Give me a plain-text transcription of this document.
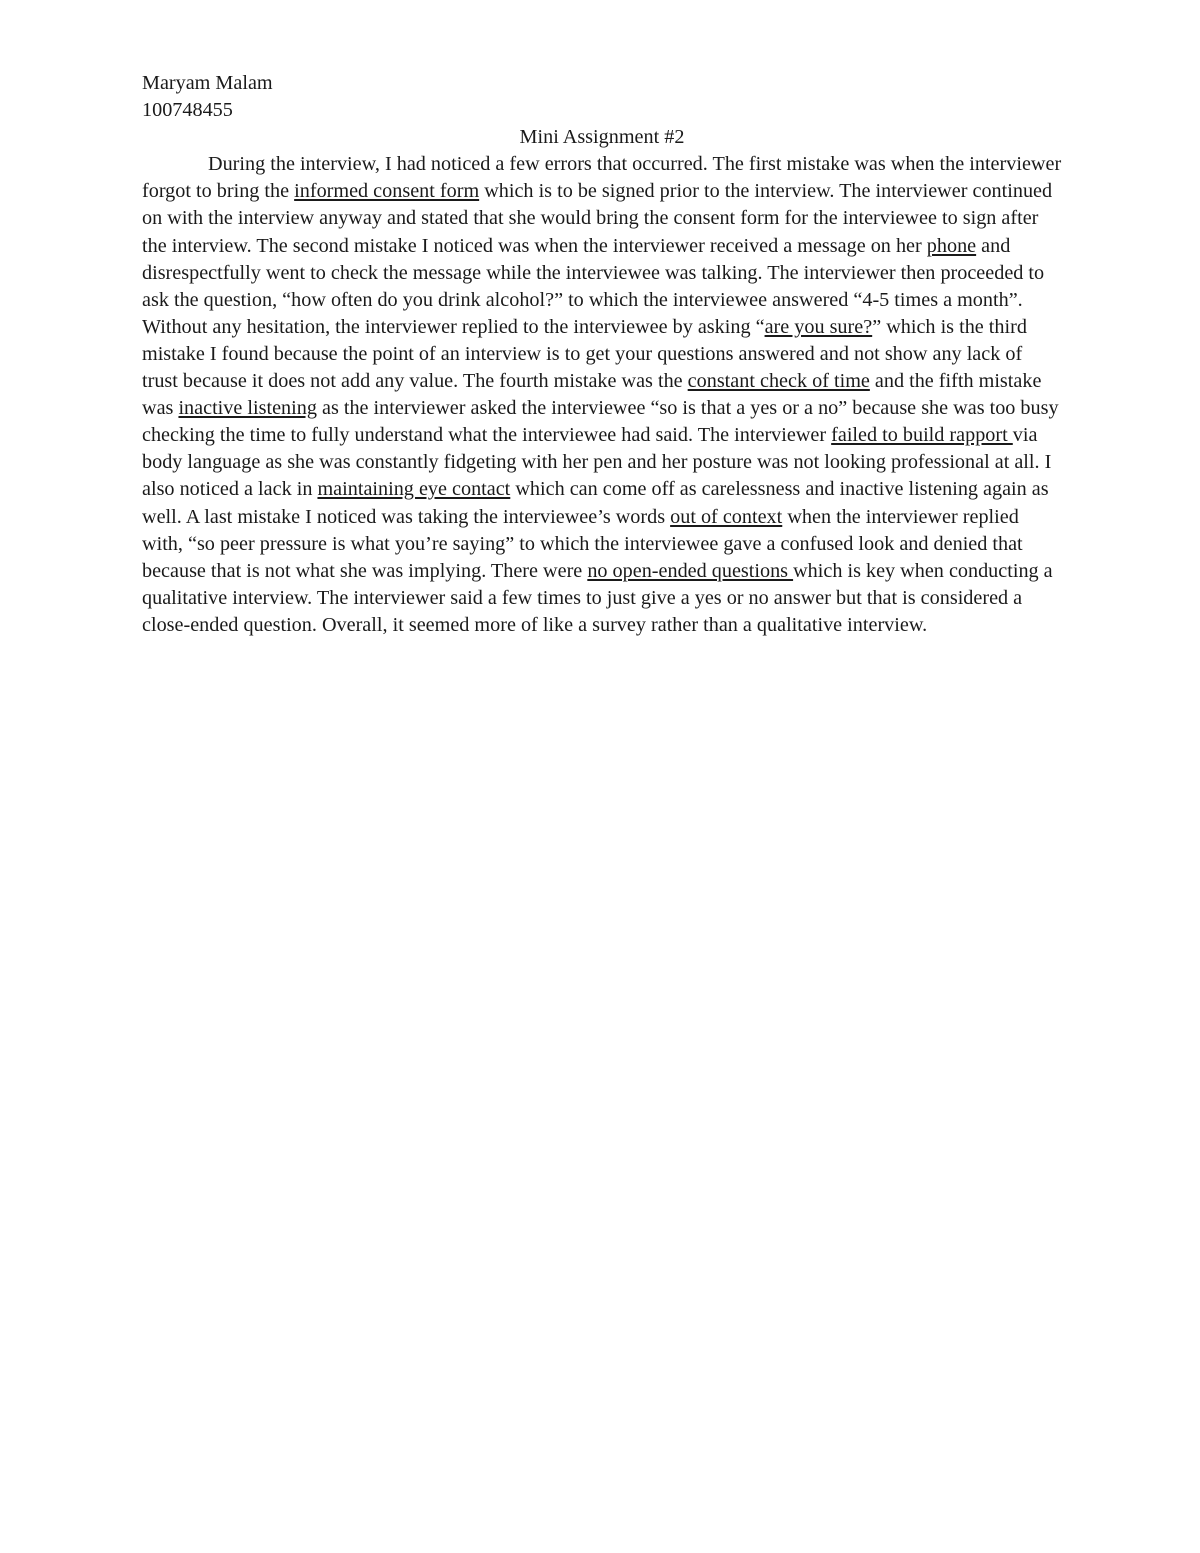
Maryam Malam
100748455
Mini Assignment #2

During the interview, I had noticed a few errors that occurred. The first mistake was when the interviewer forgot to bring the informed consent form which is to be signed prior to the interview. The interviewer continued on with the interview anyway and stated that she would bring the consent form for the interviewee to sign after the interview. The second mistake I noticed was when the interviewer received a message on her phone and disrespectfully went to check the message while the interviewee was talking. The interviewer then proceeded to ask the question, “how often do you drink alcohol?” to which the interviewee answered “4-5 times a month”. Without any hesitation, the interviewer replied to the interviewee by asking “are you sure?” which is the third mistake I found because the point of an interview is to get your questions answered and not show any lack of trust because it does not add any value. The fourth mistake was the constant check of time and the fifth mistake was inactive listening as the interviewer asked the interviewee “so is that a yes or a no” because she was too busy checking the time to fully understand what the interviewee had said. The interviewer failed to build rapport via body language as she was constantly fidgeting with her pen and her posture was not looking professional at all. I also noticed a lack in maintaining eye contact which can come off as carelessness and inactive listening again as well. A last mistake I noticed was taking the interviewee’s words out of context when the interviewer replied with, “so peer pressure is what you’re saying” to which the interviewee gave a confused look and denied that because that is not what she was implying. There were no open-ended questions which is key when conducting a qualitative interview. The interviewer said a few times to just give a yes or no answer but that is considered a close-ended question. Overall, it seemed more of like a survey rather than a qualitative interview.
